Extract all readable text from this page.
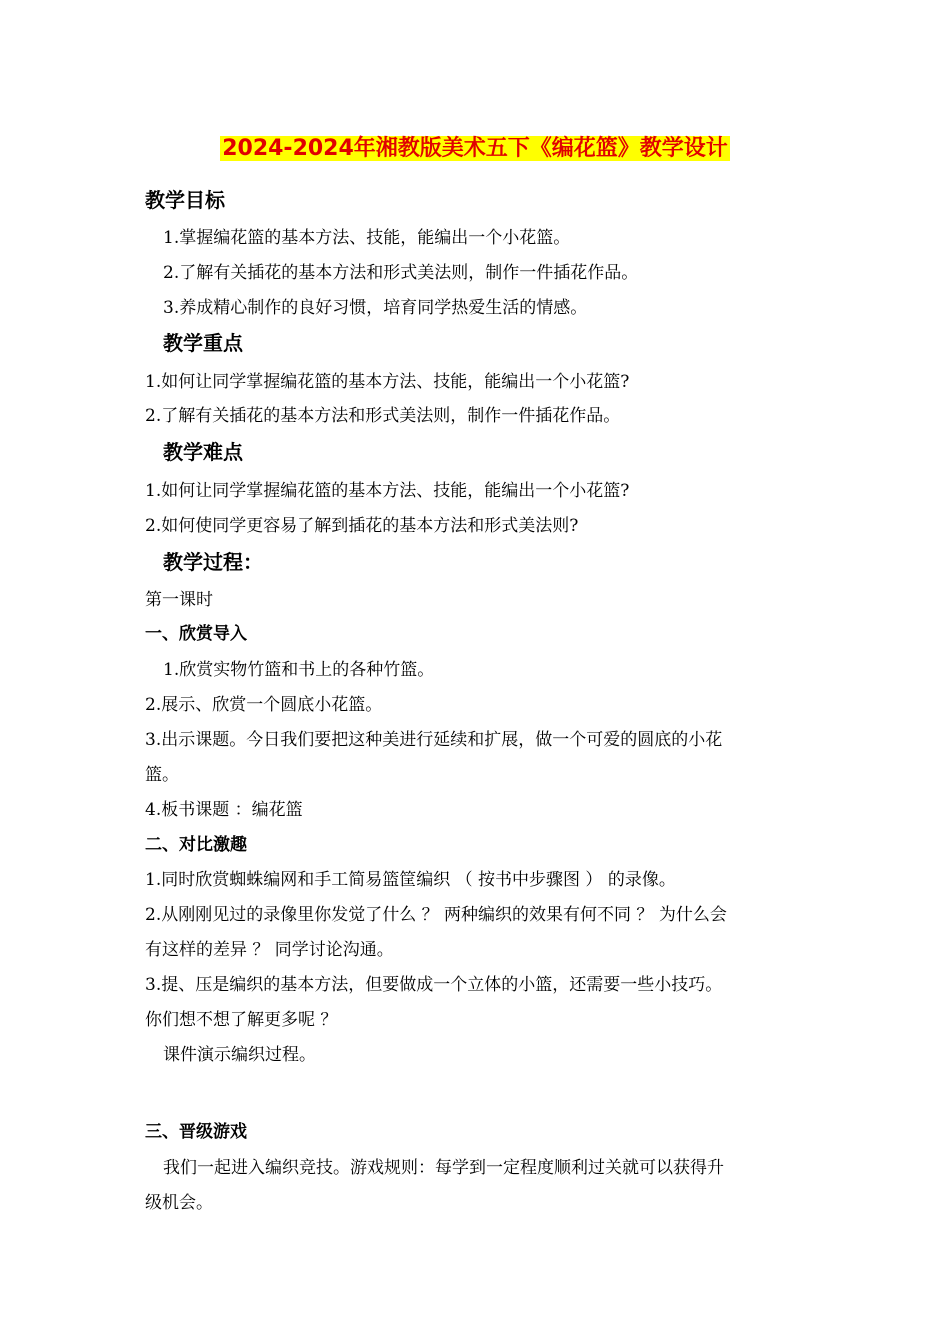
2024-2024年湘教版美术五下《编花篮》教学设计
教学目标
1.掌握编花篮的基本方法、技能，能编出一个小花篮。
2.了解有关插花的基本方法和形式美法则，制作一件插花作品。
3.养成精心制作的良好习惯，培育同学热爱生活的情感。
教学重点
1.如何让同学掌握编花篮的基本方法、技能，能编出一个小花篮?
2.了解有关插花的基本方法和形式美法则，制作一件插花作品。
教学难点
1.如何让同学掌握编花篮的基本方法、技能，能编出一个小花篮?
2.如何使同学更容易了解到插花的基本方法和形式美法则?
教学过程：
第一课时
一、欣赏导入
1.欣赏实物竹篮和书上的各种竹篮。
2.展示、欣赏一个圆底小花篮。
3.出示课题。今日我们要把这种美进行延续和扩展，做一个可爱的圆底的小花
篮。
4.板书课题 ：编花篮
二、对比激趣
1.同时欣赏蜘蛛编网和手工简易篮筐编织 （ 按书中步骤图 ） 的录像。
2.从刚刚见过的录像里你发觉了什么 ？ 两种编织的效果有何不同 ？ 为什么会
有这样的差异 ？ 同学讨论沟通。
3.提、压是编织的基本方法，但要做成一个立体的小篮，还需要一些小技巧。
你们想不想了解更多呢 ？
课件演示编织过程。
三、晋级游戏
我们一起进入编织竞技。游戏规则：每学到一定程度顺利过关就可以获得升
级机会。
